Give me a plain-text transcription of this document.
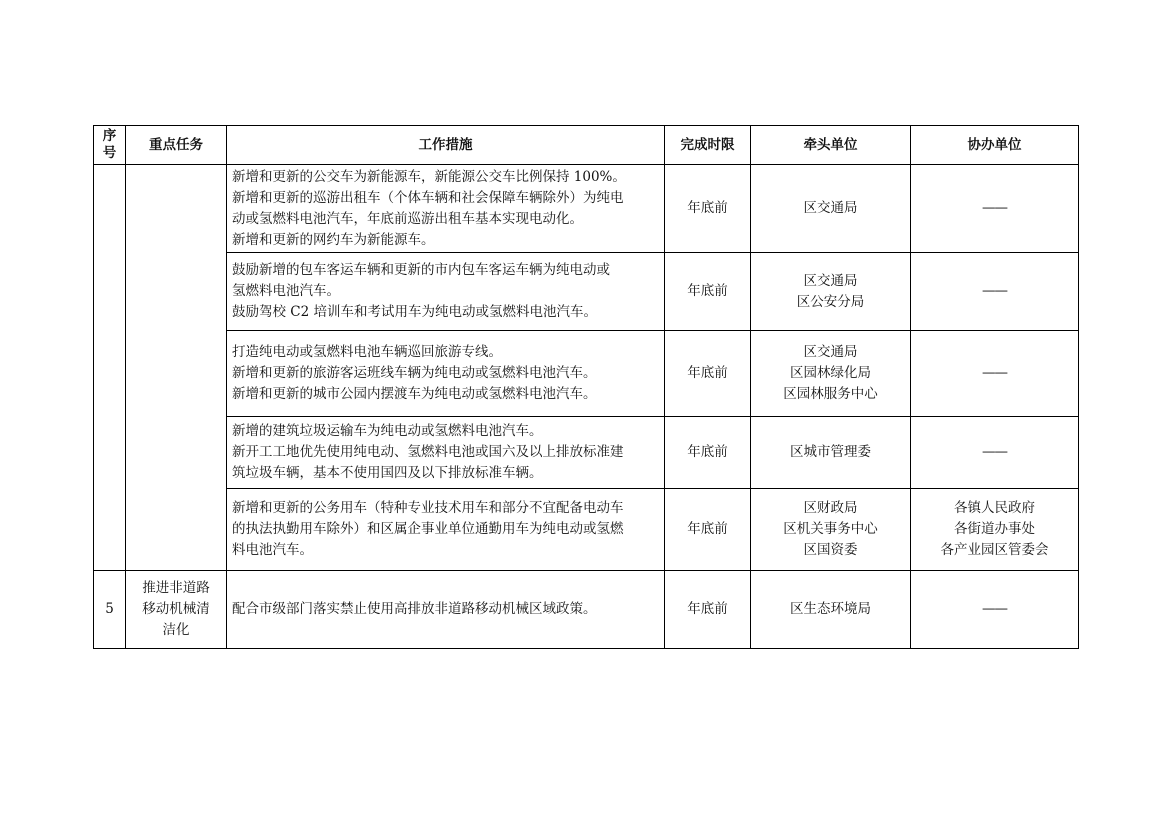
序号	重点任务	工作措施	完成时限	牵头单位	协办单位

		新增和更新的公交车为新能源车，新能源公交车比例保持 100%。
新增和更新的巡游出租车（个体车辆和社会保障车辆除外）为纯电
动或氢燃料电池汽车，年底前巡游出租车基本实现电动化。
新增和更新的网约车为新能源车。	年底前	区交通局	——

		鼓励新增的包车客运车辆和更新的市内包车客运车辆为纯电动或
氢燃料电池汽车。
鼓励驾校 C2 培训车和考试用车为纯电动或氢燃料电池汽车。	年底前	区交通局
区公安分局	——

		打造纯电动或氢燃料电池车辆巡回旅游专线。
新增和更新的旅游客运班线车辆为纯电动或氢燃料电池汽车。
新增和更新的城市公园内摆渡车为纯电动或氢燃料电池汽车。	年底前	区交通局
区园林绿化局
区园林服务中心	——

		新增的建筑垃圾运输车为纯电动或氢燃料电池汽车。
新开工工地优先使用纯电动、氢燃料电池或国六及以上排放标准建
筑垃圾车辆，基本不使用国四及以下排放标准车辆。	年底前	区城市管理委	——

		新增和更新的公务用车（特种专业技术用车和部分不宜配备电动车
的执法执勤用车除外）和区属企事业单位通勤用车为纯电动或氢燃
料电池汽车。	年底前	区财政局
区机关事务中心
区国资委	各镇人民政府
各街道办事处
各产业园区管委会

5	推进非道路
移动机械清
洁化	配合市级部门落实禁止使用高排放非道路移动机械区域政策。	年底前	区生态环境局	——
